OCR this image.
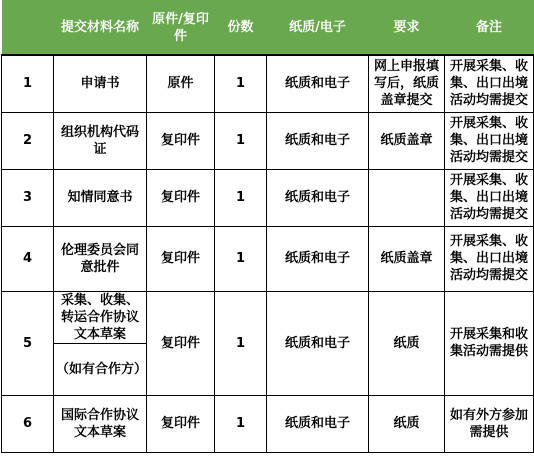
	提交材料名称	原件/复印件	份数	纸质/电子	要求	备注
1	申请书	原件	1	纸质和电子	网上申报填写后，纸质盖章提交	开展采集、收集、出口出境活动均需提交
2	组织机构代码证	复印件	1	纸质和电子	纸质盖章	开展采集、收集、出口出境活动均需提交
3	知情同意书	复印件	1	纸质和电子		开展采集、收集、出口出境活动均需提交
4	伦理委员会同意批件	复印件	1	纸质和电子	纸质盖章	开展采集、收集、出口出境活动均需提交
5	采集、收集、转运合作协议文本草案	复印件	1	纸质和电子	纸质	开展采集和收集活动需提供
	（如有合作方）					
6	国际合作协议文本草案	复印件	1	纸质和电子	纸质	如有外方参加需提供
